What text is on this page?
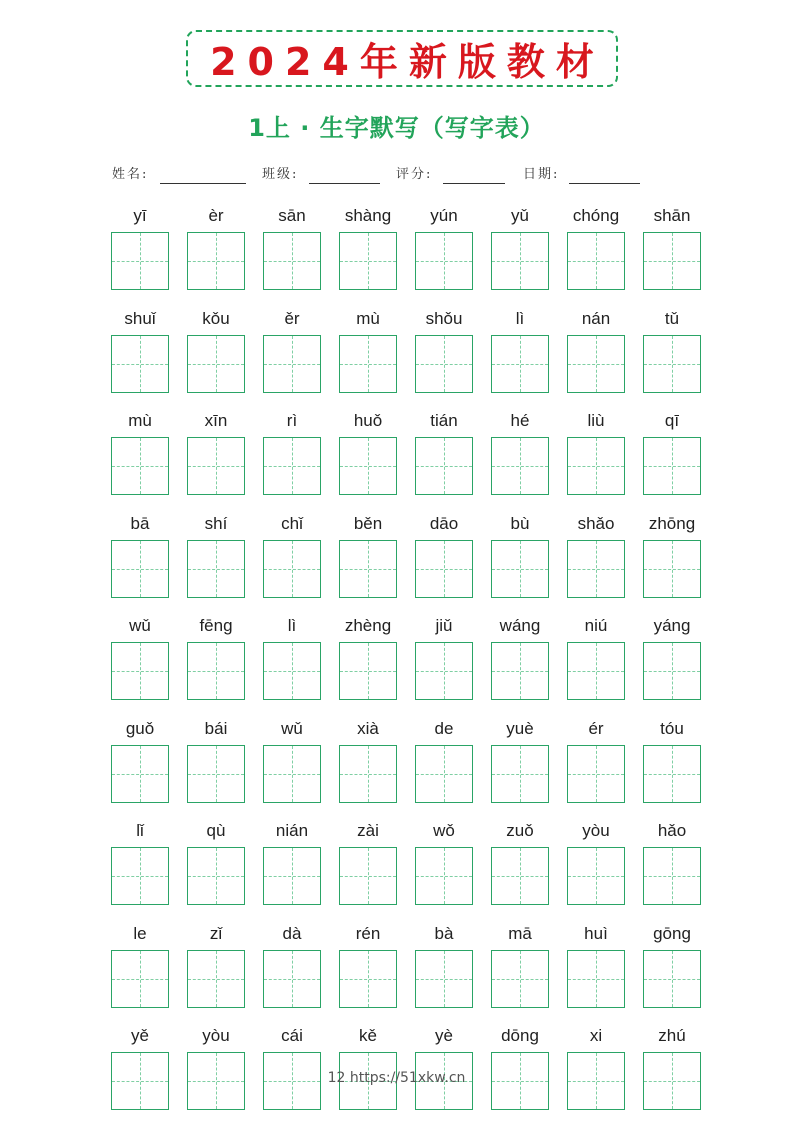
2024年新版教材
1上 · 生字默写（写字表）
姓名:	班级:	评分:	日期:
yī	èr	sān	shàng	yún	yǔ	chóng	shān
shuǐ	kǒu	ěr	mù	shǒu	lì	nán	tǔ
mù	xīn	rì	huǒ	tián	hé	liù	qī
bā	shí	chǐ	běn	dāo	bù	shǎo	zhōng
wǔ	fēng	lì	zhèng	jiǔ	wáng	niú	yáng
guǒ	bái	wǔ	xià	de	yuè	ér	tóu
lǐ	qù	nián	zài	wǒ	zuǒ	yòu	hǎo
le	zǐ	dà	rén	bà	mā	huì	gōng
yě	yòu	cái	kě	yè	dōng	xi	zhú
12 https://51xkw.cn
